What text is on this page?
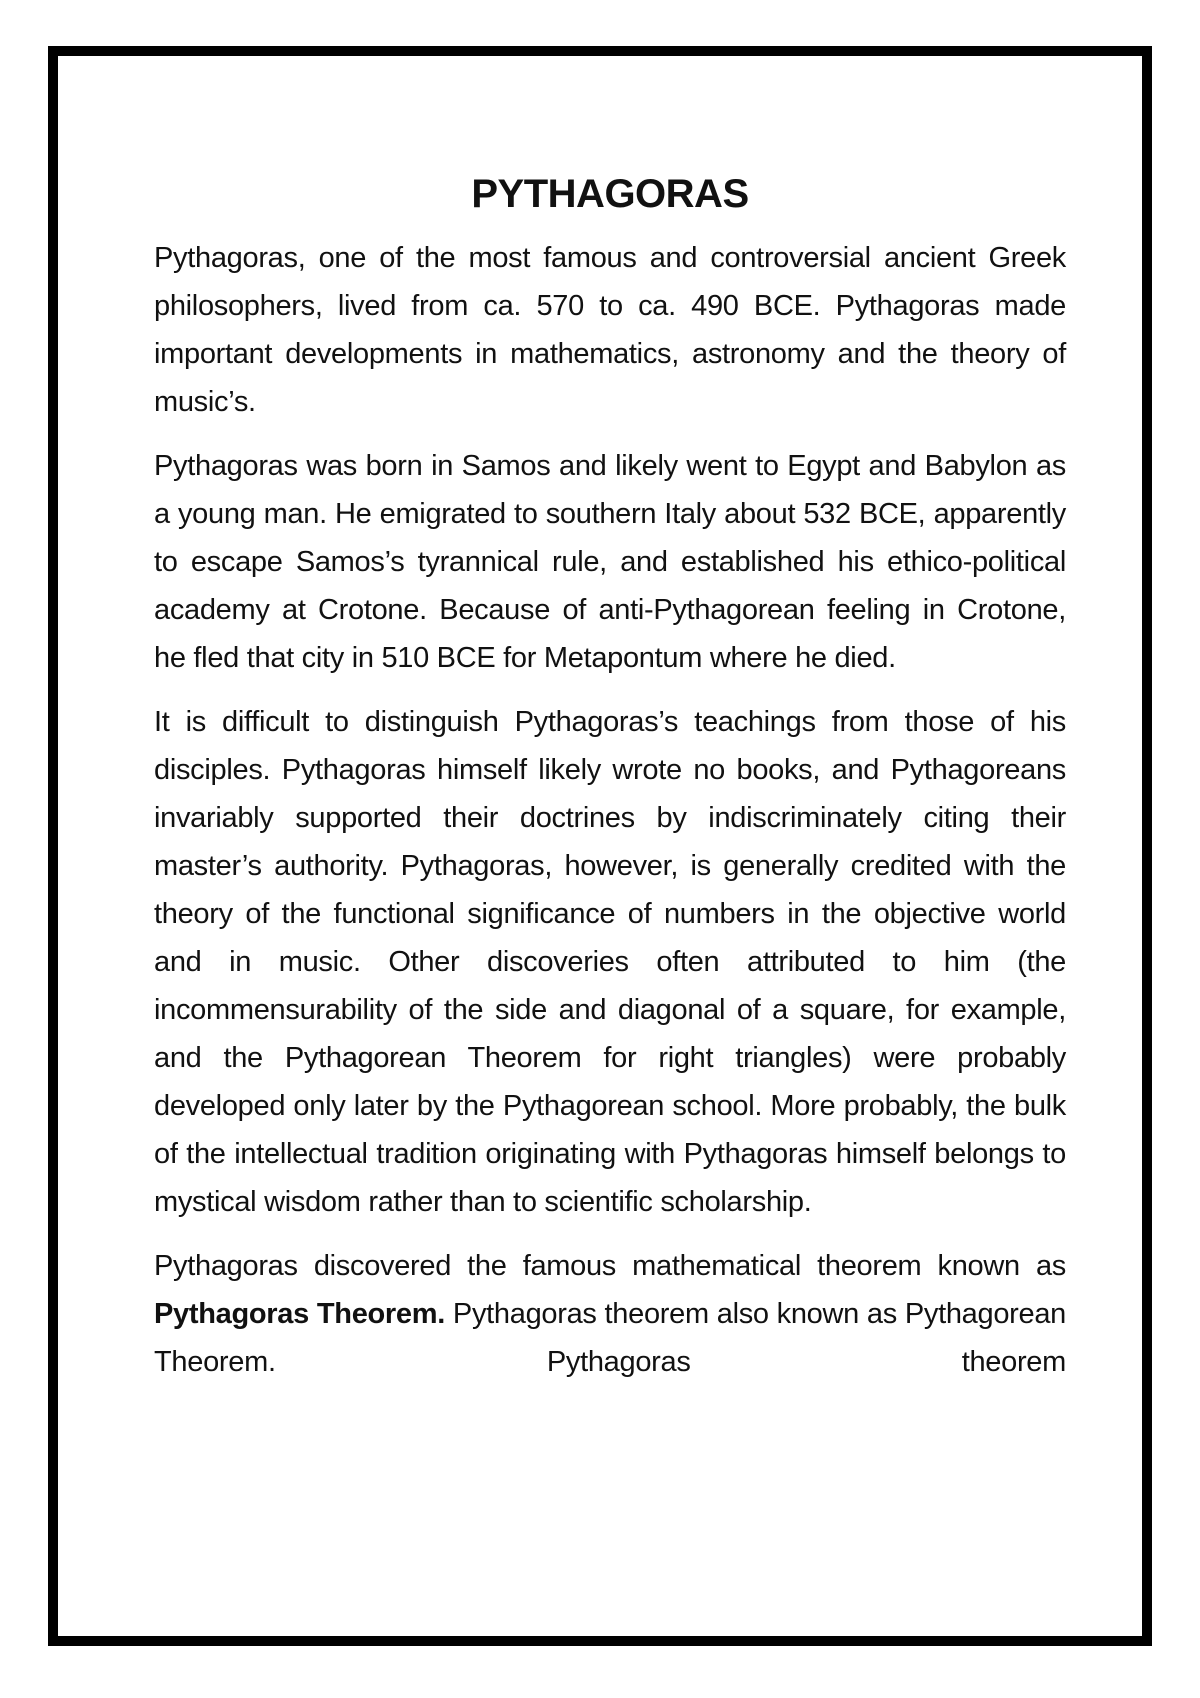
PYTHAGORAS

Pythagoras, one of the most famous and controversial ancient Greek philosophers, lived from ca. 570 to ca. 490 BCE. Pythagoras made important developments in mathematics, astronomy and the theory of music’s.

Pythagoras was born in Samos and likely went to Egypt and Babylon as a young man. He emigrated to southern Italy about 532 BCE, apparently to escape Samos’s tyrannical rule, and established his ethico-political academy at Crotone. Because of anti-Pythagorean feeling in Crotone, he fled that city in 510 BCE for Metapontum where he died.

It is difficult to distinguish Pythagoras’s teachings from those of his disciples. Pythagoras himself likely wrote no books, and Pythagoreans invariably supported their doctrines by indiscriminately citing their master’s authority. Pythagoras, however, is generally credited with the theory of the functional significance of numbers in the objective world and in music. Other discoveries often attributed to him (the incommensurability of the side and diagonal of a square, for example, and the Pythagorean Theorem for right triangles) were probably developed only later by the Pythagorean school. More probably, the bulk of the intellectual tradition originating with Pythagoras himself belongs to mystical wisdom rather than to scientific scholarship.

Pythagoras discovered the famous mathematical theorem known as Pythagoras Theorem. Pythagoras theorem also known as Pythagorean Theorem. Pythagoras theorem
